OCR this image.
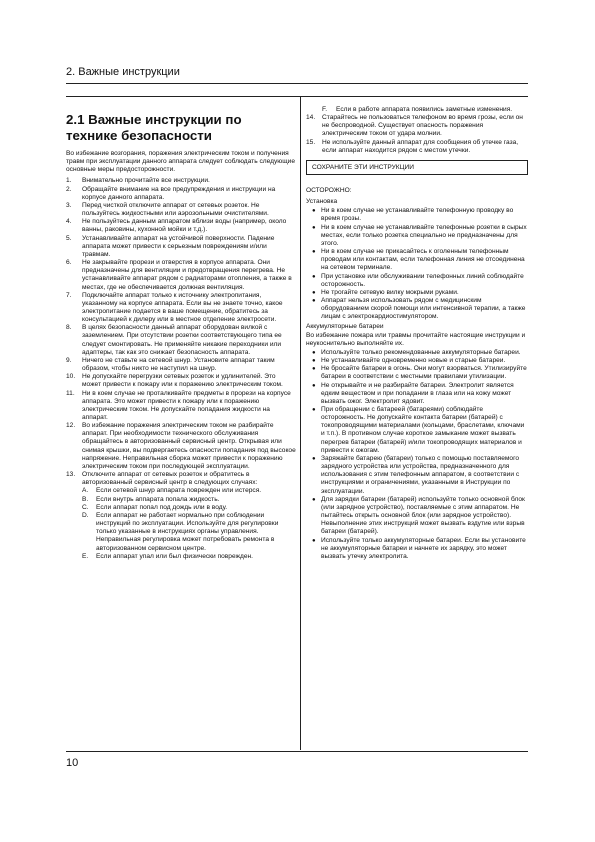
2. Важные инструкции
2.1 Важные инструкции по технике безопасности

Во избежание возгорания, поражения электрическим током и получения травм при эксплуатации данного аппарата следует соблюдать следующие основные меры предосторожности.

1.	Внимательно прочитайте все инструкции.
2.	Обращайте внимание на все предупреждения и инструкции на корпусе данного аппарата.
3.	Перед чисткой отключите аппарат от сетевых розеток. Не пользуйтесь жидкостными или аэрозольными очистителями.
4.	Не пользуйтесь данным аппаратом вблизи воды (например, около ванны, раковины, кухонной мойки и т.д.).
5.	Устанавливайте аппарат на устойчивой поверхности. Падение аппарата может привести к серьезным повреждениям и/или травмам.
6.	Не закрывайте прорези и отверстия в корпусе аппарата. Они предназначены для вентиляции и предотвращения перегрева. Не устанавливайте аппарат рядом с радиаторами отопления, а также в местах, где не обеспечивается должная вентиляция.
7.	Подключайте аппарат только к источнику электропитания, указанному на корпусе аппарата. Если вы не знаете точно, какое электропитание подается в ваше помещение, обратитесь за консультацией к дилеру или в местное отделение электросети.
8.	В целях безопасности данный аппарат оборудован вилкой с заземлением. При отсутствии розетки соответствующего типа ее следует смонтировать. Не применяйте никакие переходники или адаптеры, так как это снижает безопасность аппарата.
9.	Ничего не ставьте на сетевой шнур. Установите аппарат таким образом, чтобы никто не наступил на шнур.
10.	Не допускайте перегрузки сетевых розеток и удлинителей. Это может привести к пожару или к поражению электрическим током.
11.	Ни в коем случае не проталкивайте предметы в прорези на корпусе аппарата. Это может привести к пожару или к поражению электрическим током. Не допускайте попадания жидкости на аппарат.
12.	Во избежание поражения электрическим током не разбирайте аппарат. При необходимости технического обслуживания обращайтесь в авторизованный сервисный центр. Открывая или снимая крышки, вы подвергаетесь опасности попадания под высокое напряжение. Неправильная сборка может привести к поражению электрическим током при последующей эксплуатации.
13.	Отключите аппарат от сетевых розеток и обратитесь в авторизованный сервисный центр в следующих случаях:
A.	Если сетевой шнур аппарата поврежден или истерся.
B.	Если внутрь аппарата попала жидкость.
C.	Если аппарат попал под дождь или в воду.
D.	Если аппарат не работает нормально при соблюдении инструкций по эксплуатации. Используйте для регулировки только указанные в инструкциях органы управления. Неправильная регулировка может потребовать ремонта в авторизованном сервисном центре.
E.	Если аппарат упал или был физически поврежден.
F.	Если в работе аппарата появились заметные изменения.
14.	Старайтесь не пользоваться телефоном во время грозы, если он не беспроводной. Существует опасность поражения электрическим током от удара молнии.
15.	Не используйте данный аппарат для сообщения об утечке газа, если аппарат находится рядом с местом утечки.
СОХРАНИТЕ ЭТИ ИНСТРУКЦИИ

ОСТОРОЖНО:

Установка

● Ни в коем случае не устанавливайте телефонную проводку во время грозы.
● Ни в коем случае не устанавливайте телефонные розетки в сырых местах, если только розетка специально не предназначены для этого.
● Ни в коем случае не прикасайтесь к оголенным телефонным проводам или контактам, если телефонная линия не отсоединена на сетевом терминале.
● При установке или обслуживании телефонных линий соблюдайте осторожность.
● Не трогайте сетевую вилку мокрыми руками.
● Аппарат нельзя использовать рядом с медицинским оборудованием скорой помощи или интенсивной терапии, а также лицам с электрокардиостимулятором.

Аккумуляторные батареи

Во избежание пожара или травмы прочитайте настоящие инструкции и неукоснительно выполняйте их.

● Используйте только рекомендованные аккумуляторные батареи.
● Не устанавливайте одновременно новые и старые батареи.
● Не бросайте батареи в огонь. Они могут взорваться. Утилизируйте батареи в соответствии с местными правилами утилизации.
● Не открывайте и не разбирайте батареи. Электролит является едким веществом и при попадании в глаза или на кожу может вызвать ожог. Электролит ядовит.
● При обращении с батареей (батареями) соблюдайте осторожность. Не допускайте контакта батареи (батарей) с токопроводящими материалами (кольцами, браслетами, ключами и т.п.). В противном случае короткое замыкание может вызвать перегрев батареи (батарей) и/или токопроводящих материалов и привести к ожогам.
● Заряжайте батарею (батареи) только с помощью поставляемого зарядного устройства или устройства, предназначенного для использования с этим телефонным аппаратом, в соответствии с инструкциями и ограничениями, указанными в Инструкции по эксплуатации.
● Для зарядки батареи (батарей) используйте только основной блок (или зарядное устройство), поставляемые с этим аппаратом. Не пытайтесь открыть основной блок (или зарядное устройство). Невыполнение этих инструкций может вызвать вздутие или взрыв батареи (батарей).
● Используйте только аккумуляторные батареи. Если вы установите не аккумуляторные батареи и начнете их зарядку, это может вызвать утечку электролита.
10
